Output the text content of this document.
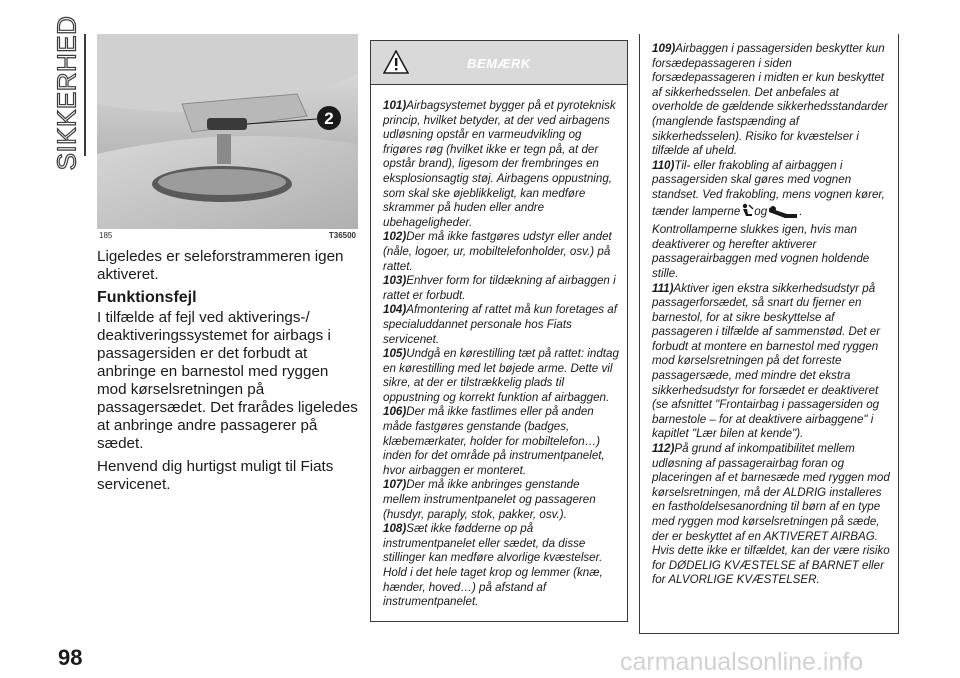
SIKKERHED	2
185	T36500

Ligeledes er seleforstrammeren igen aktiveret.

Funktionsfejl

I tilfælde af fejl ved aktiverings-/ deaktiveringssystemet for airbags i passagersiden er det forbudt at anbringe en barnestol med ryggen mod kørselsretningen på passagersædet. Det frarådes ligeledes at anbringe andre passagerer på sædet.

Henvend dig hurtigst muligt til Fiats servicenet.

BEMÆRK
101)Airbagsystemet bygger på et pyroteknisk princip, hvilket betyder, at der ved airbagens udløsning opstår en varmeudvikling og frigøres røg (hvilket ikke er tegn på, at der opstår brand), ligesom der frembringes en eksplosionsagtig støj. Airbagens oppustning, som skal ske øjeblikkeligt, kan medføre skrammer på huden eller andre ubehageligheder.
102)Der må ikke fastgøres udstyr eller andet (nåle, logoer, ur, mobiltelefonholder, osv.) på rattet.
103)Enhver form for tildækning af airbaggen i rattet er forbudt.
104)Afmontering af rattet må kun foretages af specialuddannet personale hos Fiats servicenet.
105)Undgå en kørestilling tæt på rattet: indtag en kørestilling med let bøjede arme. Dette vil sikre, at der er tilstrækkelig plads til oppustning og korrekt funktion af airbaggen.
106)Der må ikke fastlimes eller på anden måde fastgøres genstande (badges, klæbemærkater, holder for mobiltelefon…) inden for det område på instrumentpanelet, hvor airbaggen er monteret.
107)Der må ikke anbringes genstande mellem instrumentpanelet og passageren (husdyr, paraply, stok, pakker, osv.).
108)Sæt ikke fødderne op på instrumentpanelet eller sædet, da disse stillinger kan medføre alvorlige kvæstelser. Hold i det hele taget krop og lemmer (knæ, hænder, hoved…) på afstand af instrumentpanelet.
109)Airbaggen i passagersiden beskytter kun forsædepassageren i siden forsædepassageren i midten er kun beskyttet af sikkerhedsselen. Det anbefales at overholde de gældende sikkerhedsstandarder (manglende fastspænding af sikkerhedsselen). Risiko for kvæstelser i tilfælde af uheld.
110)Til- eller frakobling af airbaggen i passagersiden skal gøres med vognen standset. Ved frakobling, mens vognen kører, tænder lamperne og	. Kontrollamperne slukkes igen, hvis man deaktiverer og herefter aktiverer passagerairbaggen med vognen holdende stille.
111)Aktiver igen ekstra sikkerhedsudstyr på passagerforsædet, så snart du fjerner en barnestol, for at sikre beskyttelse af passageren i tilfælde af sammenstød. Det er forbudt at montere en barnestol med ryggen mod kørselsretningen på det forreste passagersæde, med mindre det ekstra sikkerhedsudstyr for forsædet er deaktiveret (se afsnittet "Frontairbag i passagersiden og barnestole – for at deaktivere airbaggene" i kapitlet "Lær bilen at kende").
112)På grund af inkompatibilitet mellem udløsning af passagerairbag foran og placeringen af et barnesæde med ryggen mod kørselsretningen, må der ALDRIG installeres en fastholdelsesanordning til børn af en type med ryggen mod kørselsretningen på sæde, der er beskyttet af en AKTIVERET AIRBAG. Hvis dette ikke er tilfældet, kan der være risiko for DØDELIG KVÆSTELSE af BARNET eller for ALVORLIGE KVÆSTELSER.
98	carmanualsonline.info
